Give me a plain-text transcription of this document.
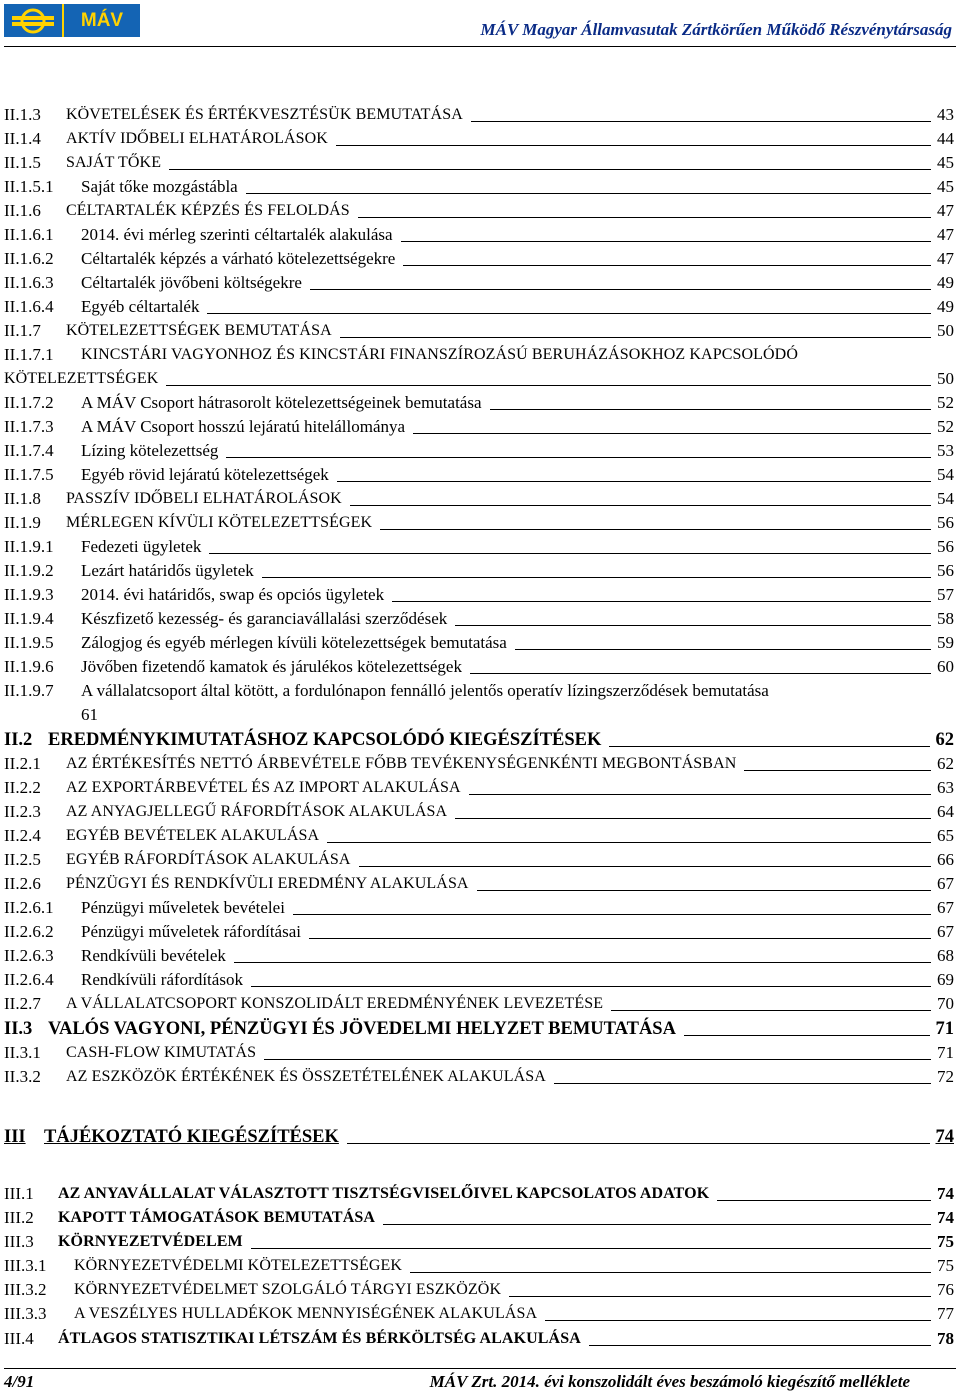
MÁV	MÁV Magyar Államvasutak Zártkörűen Működő Részvénytársaság
II.1.3 KÖVETELÉSEK ÉS ÉRTÉKVESZTÉSÜK BEMUTATÁSA	43
II.1.4 AKTÍV IDŐBELI ELHATÁROLÁSOK	44
II.1.5 SAJÁT TŐKE	45
II.1.5.1 Saját tőke mozgástábla	45
II.1.6 CÉLTARTALÉK KÉPZÉS ÉS FELOLDÁS	47
II.1.6.1 2014. évi mérleg szerinti céltartalék alakulása	47
II.1.6.2 Céltartalék képzés a várható kötelezettségekre	47
II.1.6.3 Céltartalék jövőbeni költségekre	49
II.1.6.4 Egyéb céltartalék	49
II.1.7 KÖTELEZETTSÉGEK BEMUTATÁSA	50
II.1.7.1 KINCSTÁRI VAGYONHOZ ÉS KINCSTÁRI FINANSZÍROZÁSÚ BERUHÁZÁSOKHOZ KAPCSOLÓDÓ
KÖTELEZETTSÉGEK	50
II.1.7.2 A MÁV Csoport hátrasorolt kötelezettségeinek bemutatása	52
II.1.7.3 A MÁV Csoport hosszú lejáratú hitelállománya	52
II.1.7.4 Lízing kötelezettség	53
II.1.7.5 Egyéb rövid lejáratú kötelezettségek	54
II.1.8 PASSZÍV IDŐBELI ELHATÁROLÁSOK	54
II.1.9 MÉRLEGEN KÍVÜLI KÖTELEZETTSÉGEK	56
II.1.9.1 Fedezeti ügyletek	56
II.1.9.2 Lezárt határidős ügyletek	56
II.1.9.3 2014. évi határidős, swap és opciós ügyletek	57
II.1.9.4 Készfizető kezesség- és garanciavállalási szerződések	58
II.1.9.5 Zálogjog és egyéb mérlegen kívüli kötelezettségek bemutatása	59
II.1.9.6 Jövőben fizetendő kamatok és járulékos kötelezettségek	60
II.1.9.7 A vállalatcsoport által kötött, a fordulónapon fennálló jelentős operatív lízingszerződések bemutatása
61
II.2 EREDMÉNYKIMUTATÁSHOZ KAPCSOLÓDÓ KIEGÉSZÍTÉSEK	62
II.2.1 AZ ÉRTÉKESÍTÉS NETTÓ ÁRBEVÉTELE FŐBB TEVÉKENYSÉGENKÉNTI MEGBONTÁSBAN	62
II.2.2 AZ EXPORTÁRBEVÉTEL ÉS AZ IMPORT ALAKULÁSA	63
II.2.3 AZ ANYAGJELLEGŰ RÁFORDÍTÁSOK ALAKULÁSA	64
II.2.4 EGYÉB BEVÉTELEK ALAKULÁSA	65
II.2.5 EGYÉB RÁFORDÍTÁSOK ALAKULÁSA	66
II.2.6 PÉNZÜGYI ÉS RENDKÍVÜLI EREDMÉNY ALAKULÁSA	67
II.2.6.1 Pénzügyi műveletek bevételei	67
II.2.6.2 Pénzügyi műveletek ráfordításai	67
II.2.6.3 Rendkívüli bevételek	68
II.2.6.4 Rendkívüli ráfordítások	69
II.2.7 A VÁLLALATCSOPORT KONSZOLIDÁLT EREDMÉNYÉNEK LEVEZETÉSE	70
II.3 VALÓS VAGYONI, PÉNZÜGYI ÉS JÖVEDELMI HELYZET BEMUTATÁSA	71
II.3.1 CASH-FLOW KIMUTATÁS	71
II.3.2 AZ ESZKÖZÖK ÉRTÉKÉNEK ÉS ÖSSZETÉTELÉNEK ALAKULÁSA	72
III TÁJÉKOZTATÓ KIEGÉSZÍTÉSEK	74
III.1 AZ ANYAVÁLLALAT VÁLASZTOTT TISZTSÉGVISELŐIVEL KAPCSOLATOS ADATOK	74
III.2 KAPOTT TÁMOGATÁSOK BEMUTATÁSA	74
III.3 KÖRNYEZETVÉDELEM	75
III.3.1 KÖRNYEZETVÉDELMI KÖTELEZETTSÉGEK	75
III.3.2 KÖRNYEZETVÉDELMET SZOLGÁLÓ TÁRGYI ESZKÖZÖK	76
III.3.3 A VESZÉLYES HULLADÉKOK MENNYISÉGÉNEK ALAKULÁSA	77
III.4 ÁTLAGOS STATISZTIKAI LÉTSZÁM ÉS BÉRKÖLTSÉG ALAKULÁSA	78
4/91	MÁV Zrt. 2014. évi konszolidált éves beszámoló kiegészítő melléklete
